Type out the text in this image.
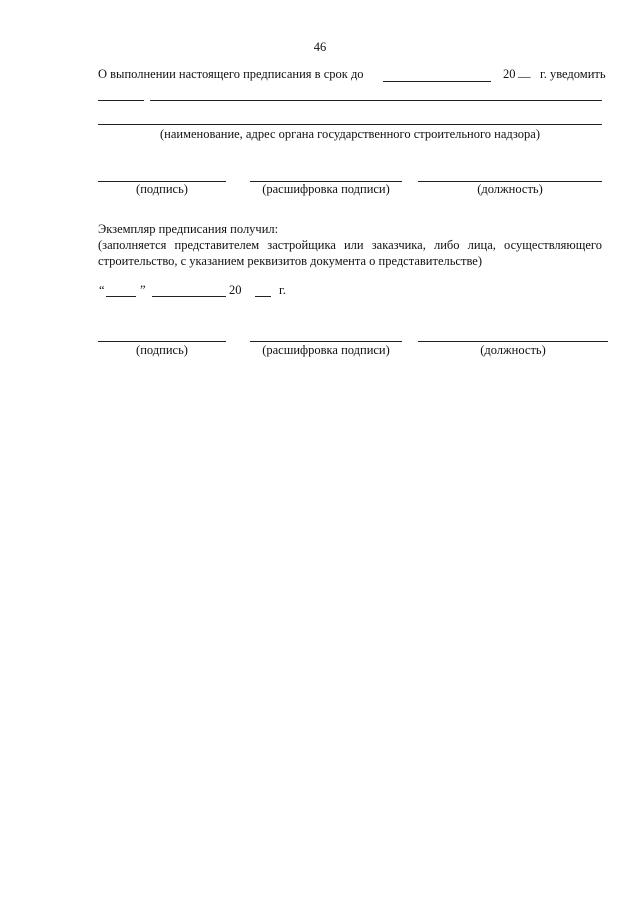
46
О выполнении настоящего предписания в срок до	20 __ г. уведомить
(наименование, адрес органа государственного строительного надзора)
(подпись)	(расшифровка подписи)	(должность)
Экземпляр предписания получил:
(заполняется представителем застройщика или заказчика, либо лица, осуществляющего
строительство, с указанием реквизитов документа о представительстве)
“	”	20	г.
(подпись)	(расшифровка подписи)	(должность)
